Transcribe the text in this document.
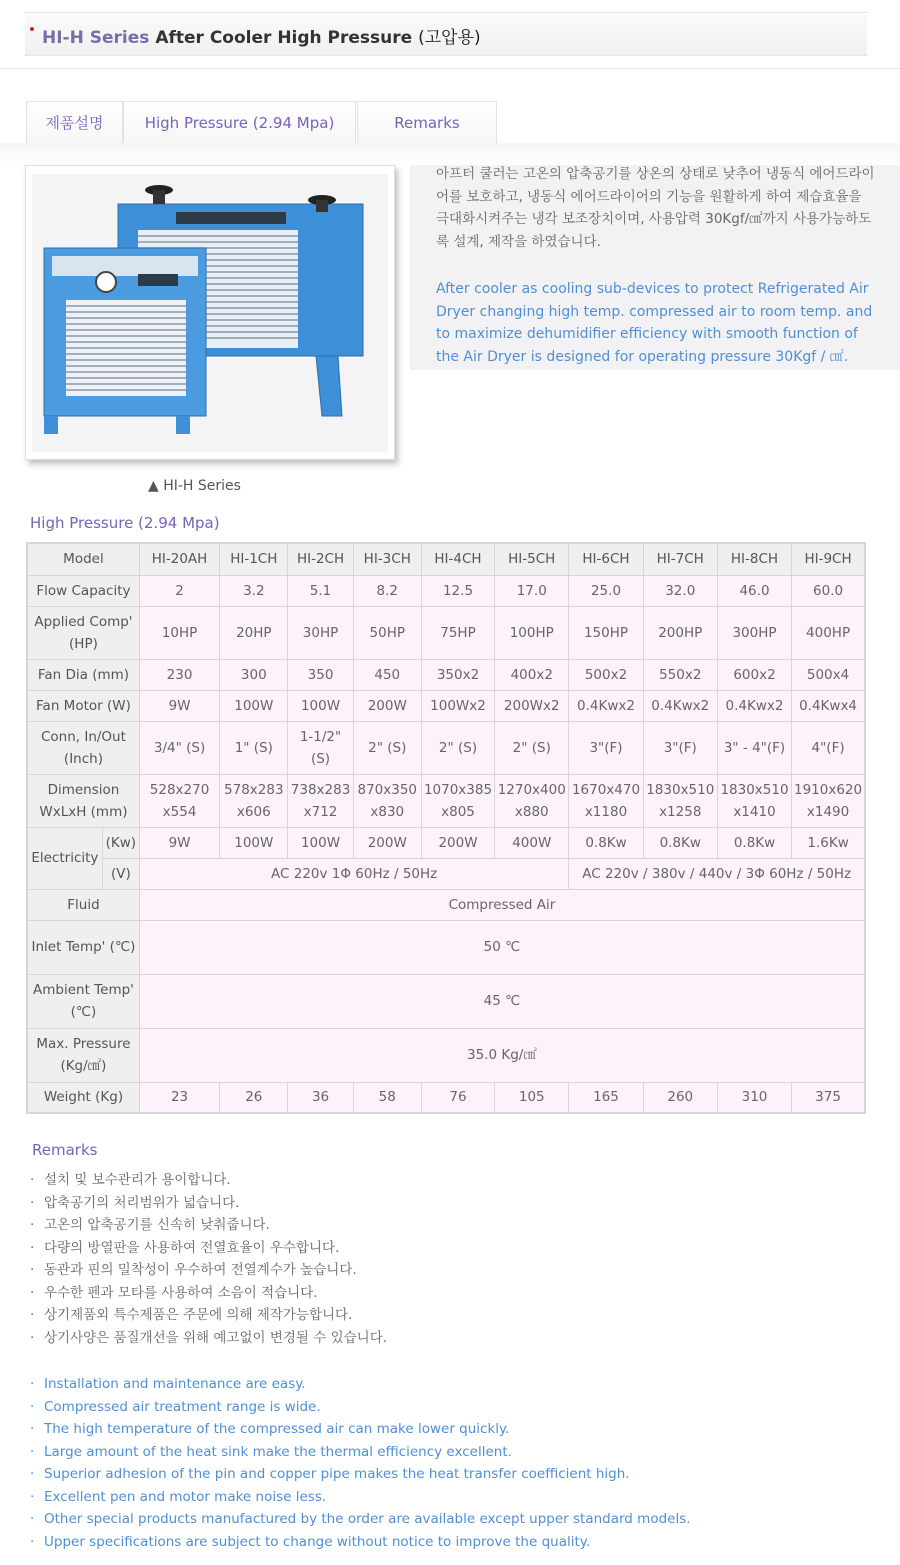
HI-H Series After Cooler High Pressure (고압용)
제품설명	High Pressure (2.94 Mpa)	Remarks
▲ HI-H Series
아프터 쿨러는 고온의 압축공기를 상온의 상태로 낮추어 냉동식 에어드라이어를 보호하고, 냉동식 에어드라이어의 기능을 원활하게 하여 제습효율을 극대화시켜주는 냉각 보조장치이며, 사용압력 30Kgf/㎠까지 사용가능하도록 설계, 제작을 하였습니다.
After cooler as cooling sub-devices to protect Refrigerated Air Dryer changing high temp. compressed air to room temp. and to maximize dehumidifier efficiency with smooth function of the Air Dryer is designed for operating pressure 30Kgf / ㎠.
High Pressure (2.94 Mpa)
Model		HI-20AH	HI-1CH	HI-2CH	HI-3CH	HI-4CH	HI-5CH	HI-6CH	HI-7CH	HI-8CH	HI-9CH
Flow Capacity		2	3.2	5.1	8.2	12.5	17.0	25.0	32.0	46.0	60.0
Applied Comp' (HP)		10HP	20HP	30HP	50HP	75HP	100HP	150HP	200HP	300HP	400HP
Fan Dia (mm)		230	300	350	450	350x2	400x2	500x2	550x2	600x2	500x4
Fan Motor (W)		9W	100W	100W	200W	100Wx2	200Wx2	0.4Kwx2	0.4Kwx2	0.4Kwx2	0.4Kwx4
Conn, In/Out (Inch)		3/4" (S)	1" (S)	1-1/2" (S)	2" (S)	2" (S)	2" (S)	3"(F)	3"(F)	3" - 4"(F)	4"(F)
Dimension WxLxH (mm)		528x270 x554	578x283 x606	738x283 x712	870x350 x830	1070x385 x805	1270x400 x880	1670x470 x1180	1830x510 x1258	1830x510 x1410	1910x620 x1490
Electricity	(Kw)	9W	100W	100W	200W	200W	400W	0.8Kw	0.8Kw	0.8Kw	1.6Kw
	(V)	AC 220v 1Φ 60Hz / 50Hz						AC 220v / 380v / 440v / 3Φ 60Hz / 50Hz			
Fluid		Compressed Air									
Inlet Temp' (℃)		50 ℃									
Ambient Temp' (℃)		45 ℃									
Max. Pressure (Kg/㎠)		35.0 Kg/㎠									
Weight (Kg)		23	26	36	58	76	105	165	260	310	375
Remarks
· 설치 및 보수관리가 용이합니다.
· 압축공기의 처리범위가 넓습니다.
· 고온의 압축공기를 신속히 낮춰줍니다.
· 다량의 방열판을 사용하여 전열효율이 우수합니다.
· 동관과 핀의 밀착성이 우수하여 전열계수가 높습니다.
· 우수한 펜과 모타를 사용하여 소음이 적습니다.
· 상기제품외 특수제품은 주문에 의해 제작가능합니다.
· 상기사양은 품질개선을 위해 예고없이 변경될 수 있습니다.
· Installation and maintenance are easy.
· Compressed air treatment range is wide.
· The high temperature of the compressed air can make lower quickly.
· Large amount of the heat sink make the thermal efficiency excellent.
· Superior adhesion of the pin and copper pipe makes the heat transfer coefficient high.
· Excellent pen and motor make noise less.
· Other special products manufactured by the order are available except upper standard models.
· Upper specifications are subject to change without notice to improve the quality.
